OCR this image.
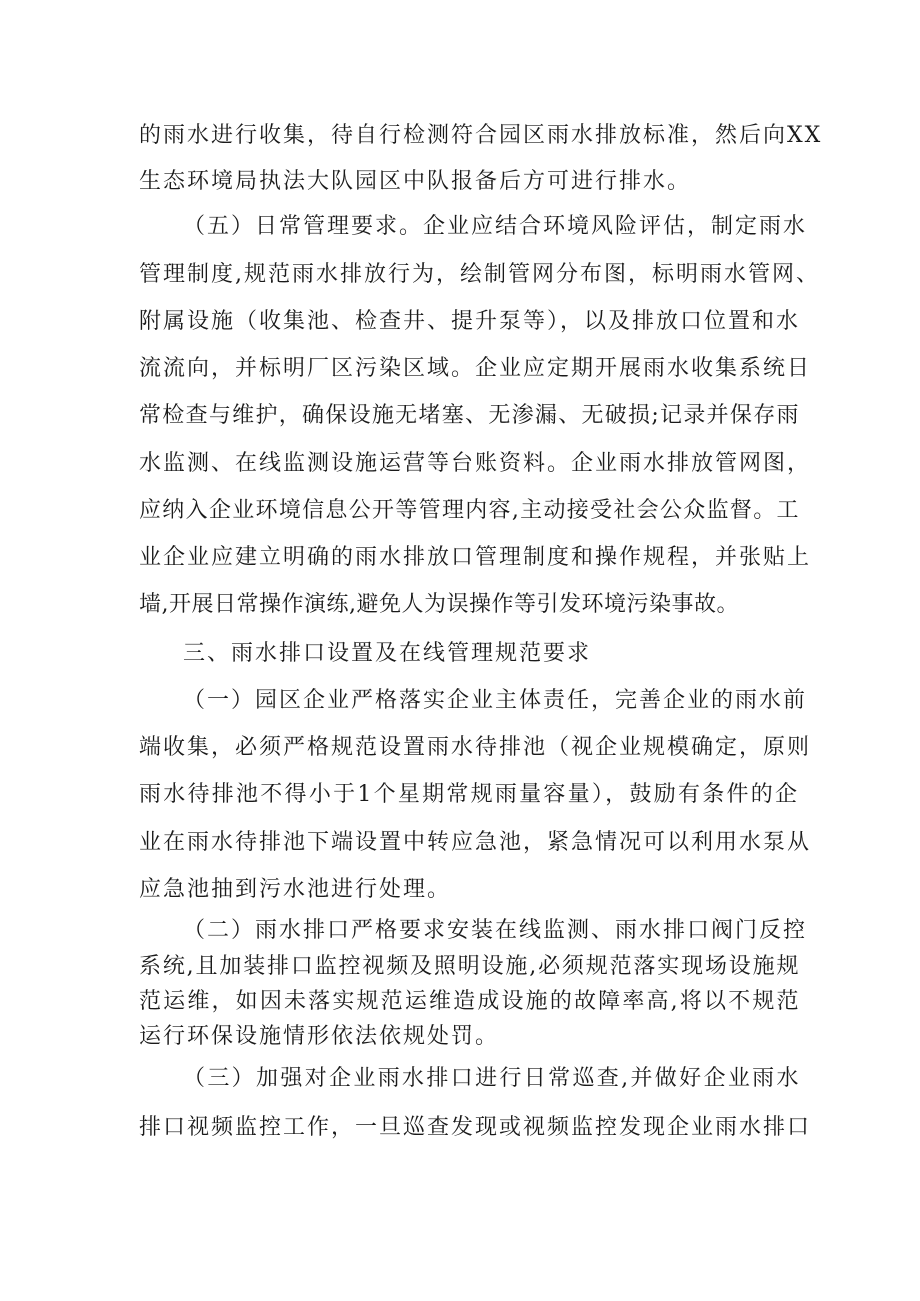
的雨水进行收集，待自行检测符合园区雨水排放标准，然后向XX
生态环境局执法大队园区中队报备后方可进行排水。
（五）日常管理要求。企业应结合环境风险评估，制定雨水
管理制度,规范雨水排放行为，绘制管网分布图，标明雨水管网、
附属设施（收集池、检查井、提升泵等），以及排放口位置和水
流流向，并标明厂区污染区域。企业应定期开展雨水收集系统日
常检查与维护，确保设施无堵塞、无渗漏、无破损;记录并保存雨
水监测、在线监测设施运营等台账资料。企业雨水排放管网图，
应纳入企业环境信息公开等管理内容,主动接受社会公众监督。工
业企业应建立明确的雨水排放口管理制度和操作规程，并张贴上
墙,开展日常操作演练,避免人为误操作等引发环境污染事故。
三、雨水排口设置及在线管理规范要求
（一）园区企业严格落实企业主体责任，完善企业的雨水前
端收集，必须严格规范设置雨水待排池（视企业规模确定，原则
雨水待排池不得小于1个星期常规雨量容量），鼓励有条件的企
业在雨水待排池下端设置中转应急池，紧急情况可以利用水泵从
应急池抽到污水池进行处理。
（二）雨水排口严格要求安装在线监测、雨水排口阀门反控
系统,且加装排口监控视频及照明设施,必须规范落实现场设施规
范运维，如因未落实规范运维造成设施的故障率高,将以不规范
运行环保设施情形依法依规处罚。
（三）加强对企业雨水排口进行日常巡查,并做好企业雨水
排口视频监控工作，一旦巡查发现或视频监控发现企业雨水排口
